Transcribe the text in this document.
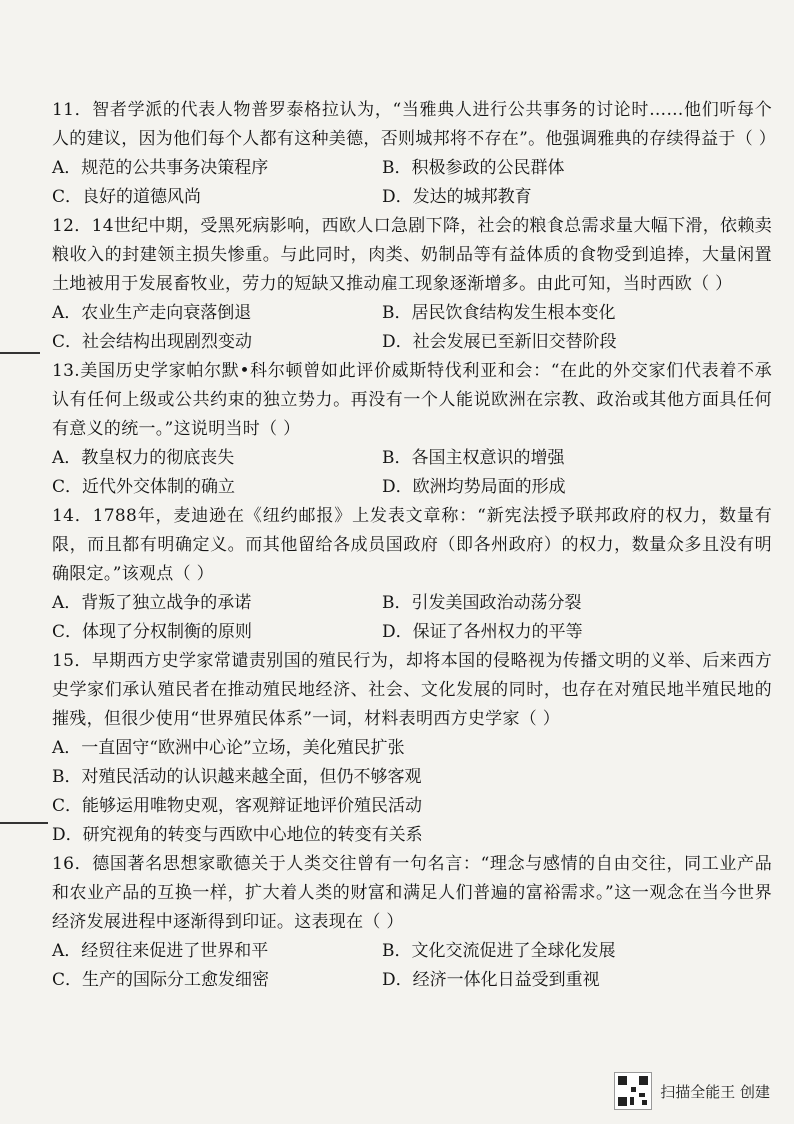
11．智者学派的代表人物普罗泰格拉认为，“当雅典人进行公共事务的讨论时……他们听每个人的建议，因为他们每个人都有这种美德，否则城邦将不存在”。他强调雅典的存续得益于（ ）

A．规范的公共事务决策程序	B．积极参政的公民群体
C．良好的道德风尚	D．发达的城邦教育

12．14世纪中期，受黑死病影响，西欧人口急剧下降，社会的粮食总需求量大幅下滑，依赖卖粮收入的封建领主损失惨重。与此同时，肉类、奶制品等有益体质的食物受到追捧，大量闲置土地被用于发展畜牧业，劳力的短缺又推动雇工现象逐渐增多。由此可知，当时西欧（ ）

A．农业生产走向衰落倒退	B．居民饮食结构发生根本变化
C．社会结构出现剧烈变动	D．社会发展已至新旧交替阶段

13.美国历史学家帕尔默•科尔顿曾如此评价威斯特伐利亚和会：“在此的外交家们代表着不承认有任何上级或公共约束的独立势力。再没有一个人能说欧洲在宗教、政治或其他方面具任何有意义的统一。”这说明当时（ ）

A．教皇权力的彻底丧失	B．各国主权意识的增强
C．近代外交体制的确立	D．欧洲均势局面的形成

14．1788年，麦迪逊在《纽约邮报》上发表文章称：“新宪法授予联邦政府的权力，数量有限，而且都有明确定义。而其他留给各成员国政府（即各州政府）的权力，数量众多且没有明确限定。”该观点（ ）

A．背叛了独立战争的承诺	B．引发美国政治动荡分裂
C．体现了分权制衡的原则	D．保证了各州权力的平等

15．早期西方史学家常谴责别国的殖民行为，却将本国的侵略视为传播文明的义举、后来西方史学家们承认殖民者在推动殖民地经济、社会、文化发展的同时，也存在对殖民地半殖民地的摧残，但很少使用“世界殖民体系”一词，材料表明西方史学家（ ）

A．一直固守“欧洲中心论”立场，美化殖民扩张
B．对殖民活动的认识越来越全面，但仍不够客观
C．能够运用唯物史观，客观辩证地评价殖民活动
D．研究视角的转变与西欧中心地位的转变有关系

16．德国著名思想家歌德关于人类交往曾有一句名言：“理念与感情的自由交往，同工业产品和农业产品的互换一样，扩大着人类的财富和满足人们普遍的富裕需求。”这一观念在当今世界经济发展进程中逐渐得到印证。这表现在（ ）

A．经贸往来促进了世界和平	B．文化交流促进了全球化发展
C．生产的国际分工愈发细密	D．经济一体化日益受到重视
扫描全能王 创建
